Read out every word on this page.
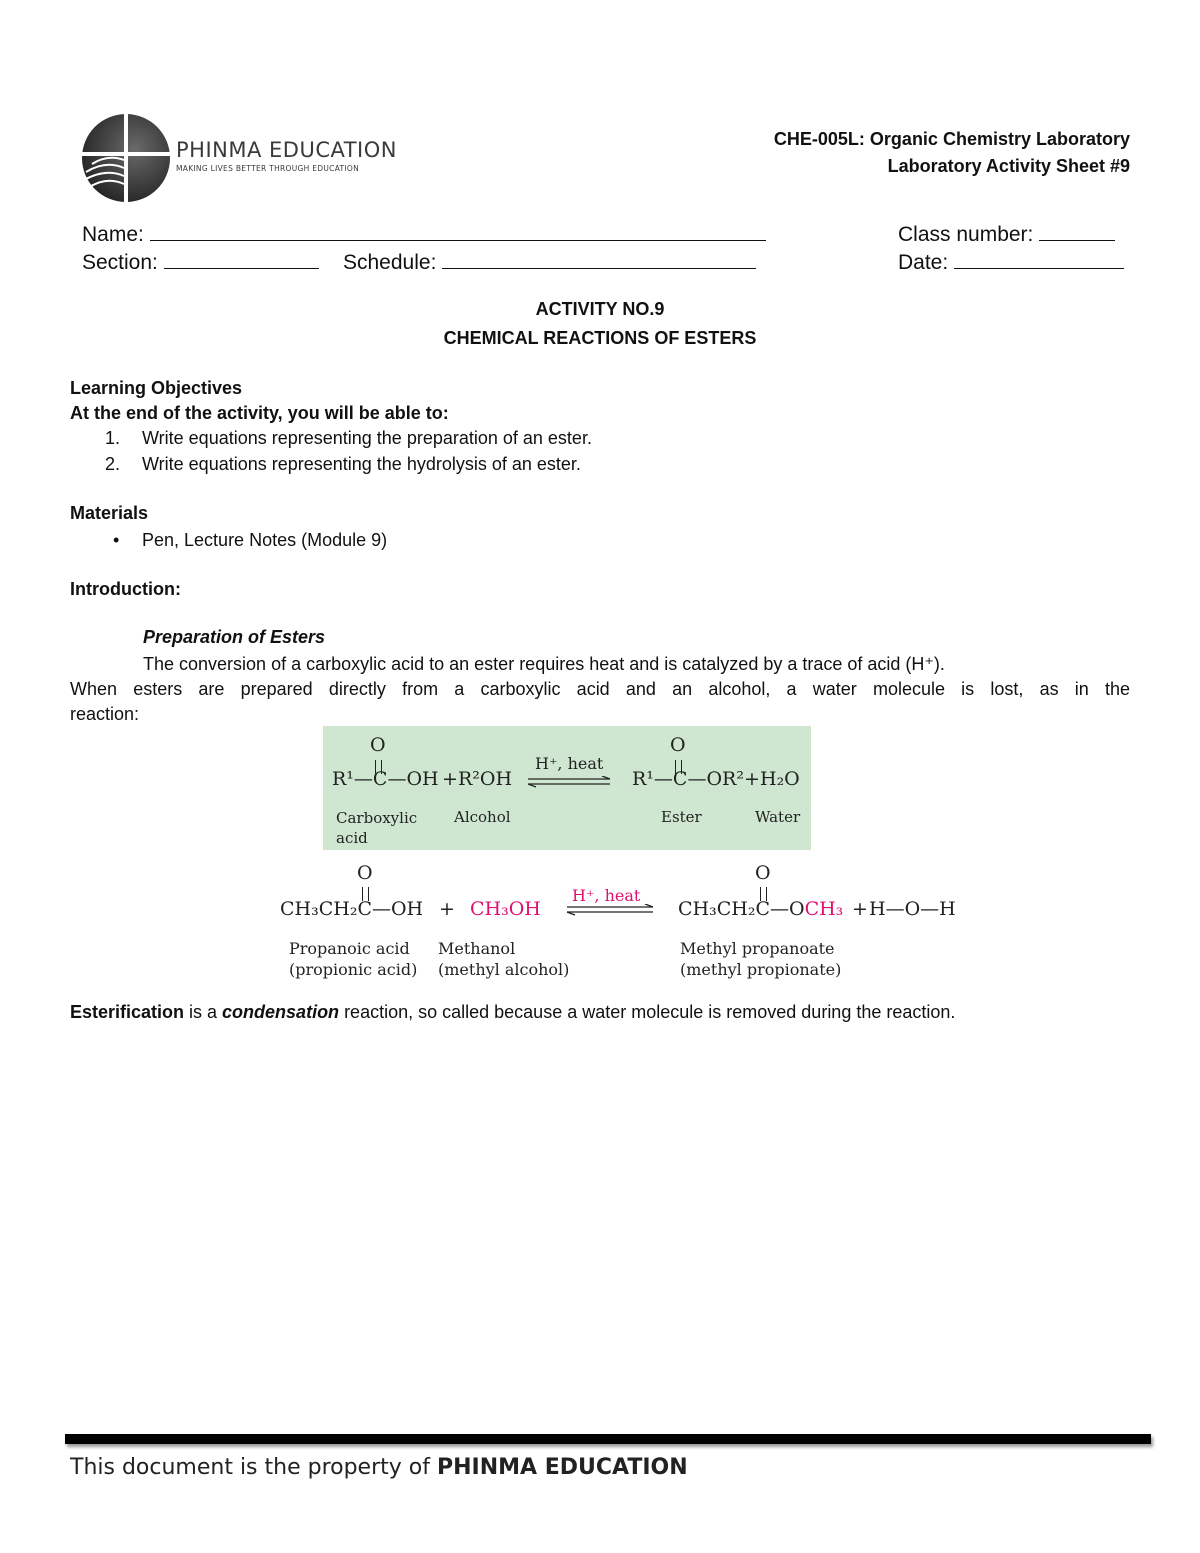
PHINMA EDUCATION
MAKING LIVES BETTER THROUGH EDUCATION
CHE-005L: Organic Chemistry Laboratory
Laboratory Activity Sheet #9
Name:	Class number:
Section:	Schedule:	Date:
ACTIVITY NO.9
CHEMICAL REACTIONS OF ESTERS
Learning Objectives
At the end of the activity, you will be able to:
1. Write equations representing the preparation of an ester.
2. Write equations representing the hydrolysis of an ester.
Materials
• Pen, Lecture Notes (Module 9)
Introduction:
Preparation of Esters
The conversion of a carboxylic acid to an ester requires heat and is catalyzed by a trace of acid (H⁺).
When esters are prepared directly from a carboxylic acid and an alcohol, a water molecule is lost, as in the
reaction:
O
R¹—C—OH + R²OH
H⁺, heat
O
R¹—C—OR² + H₂O
Carboxylic
acid
Alcohol	Ester	Water
O
CH₃CH₂C—OH + CH₃OH
H⁺, heat
O
CH₃CH₂C—OCH₃ + H—O—H
Propanoic acid
(propionic acid)
Methanol
(methyl alcohol)
Methyl propanoate
(methyl propionate)
Esterification is a condensation reaction, so called because a water molecule is removed during the reaction.
This document is the property of PHINMA EDUCATION
